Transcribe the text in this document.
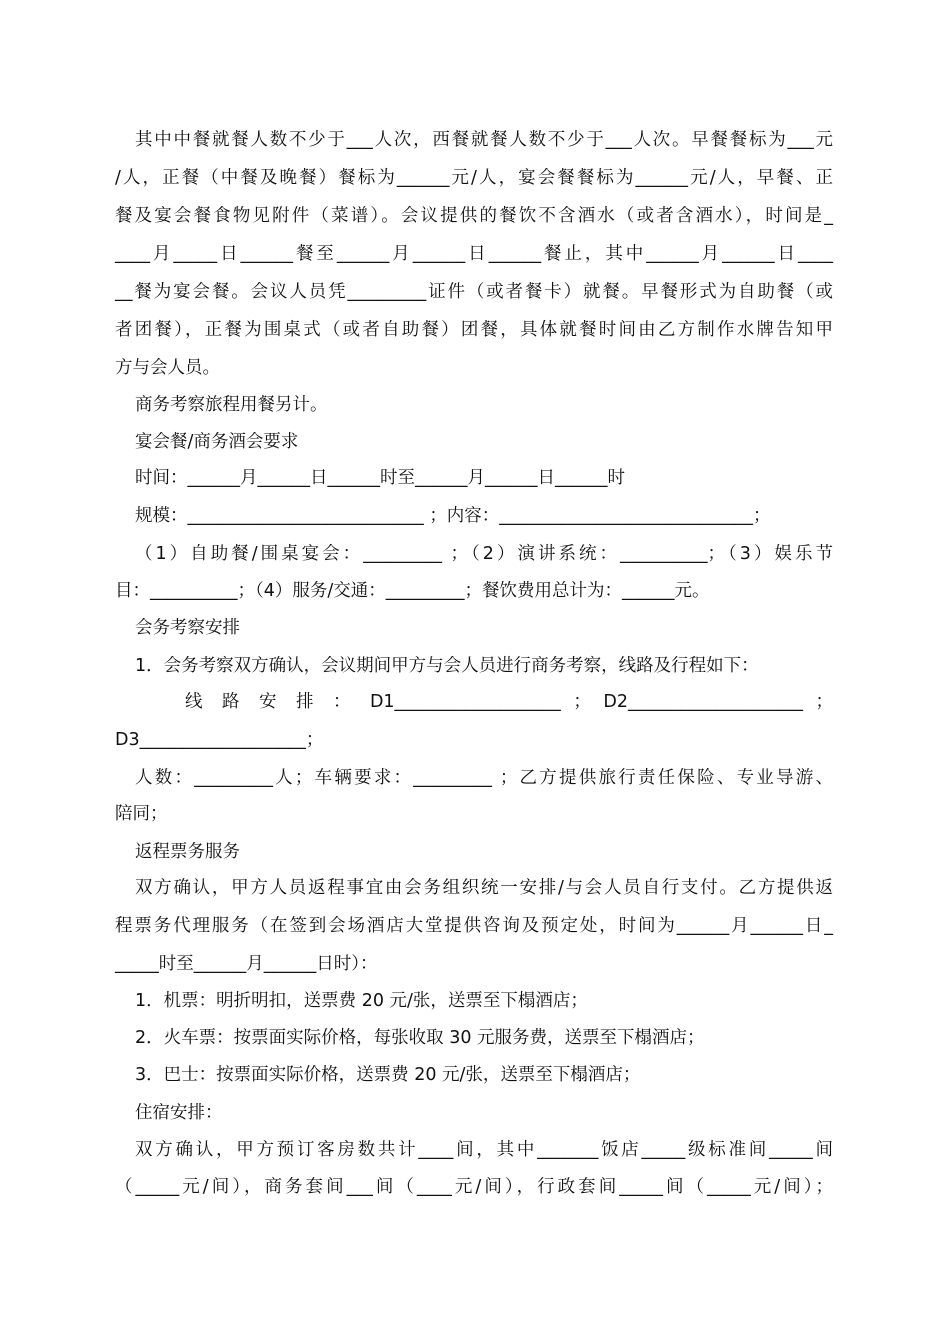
其中中餐就餐人数不少于___人次，西餐就餐人数不少于___人次。早餐餐标为___元
/人，正餐（中餐及晚餐）餐标为______元/人，宴会餐餐标为______元/人，早餐、正
餐及宴会餐食物见附件（菜谱）。会议提供的餐饮不含酒水（或者含酒水），时间是_
____月_____日______餐至______月______日______餐止，其中______月______日____
__餐为宴会餐。会议人员凭_________证件（或者餐卡）就餐。早餐形式为自助餐（或
者团餐），正餐为围桌式（或者自助餐）团餐，具体就餐时间由乙方制作水牌告知甲
方与会人员。
商务考察旅程用餐另计。
宴会餐/商务酒会要求
时间：______月______日______时至______月______日______时
规模：___________________________ ；内容：_____________________________；
（1）自助餐/围桌宴会：_________ ；（2）演讲系统：__________；（3）娱乐节
目：__________；（4）服务/交通：_________；餐饮费用总计为：______元。
会务考察安排
1．会务考察双方确认，会议期间甲方与会人员进行商务考察，线路及行程如下：
线 路 安 排 ： D1___________________ ； D2____________________ ；
D3___________________；
人数：_________人；车辆要求：_________ ；乙方提供旅行责任保险、专业导游、
陪同；
返程票务服务
双方确认，甲方人员返程事宜由会务组织统一安排/与会人员自行支付。乙方提供返
程票务代理服务（在签到会场酒店大堂提供咨询及预定处，时间为______月______日_
_____时至______月______日时）：
1．机票：明折明扣，送票费 20 元/张，送票至下榻酒店；
2．火车票：按票面实际价格，每张收取 30 元服务费，送票至下榻酒店；
3．巴士：按票面实际价格，送票费 20 元/张，送票至下榻酒店；
住宿安排：
双方确认，甲方预订客房数共计____间，其中_______饭店_____级标准间_____间
（_____元/间），商务套间___间（____元/间），行政套间_____间（_____元/间）；
